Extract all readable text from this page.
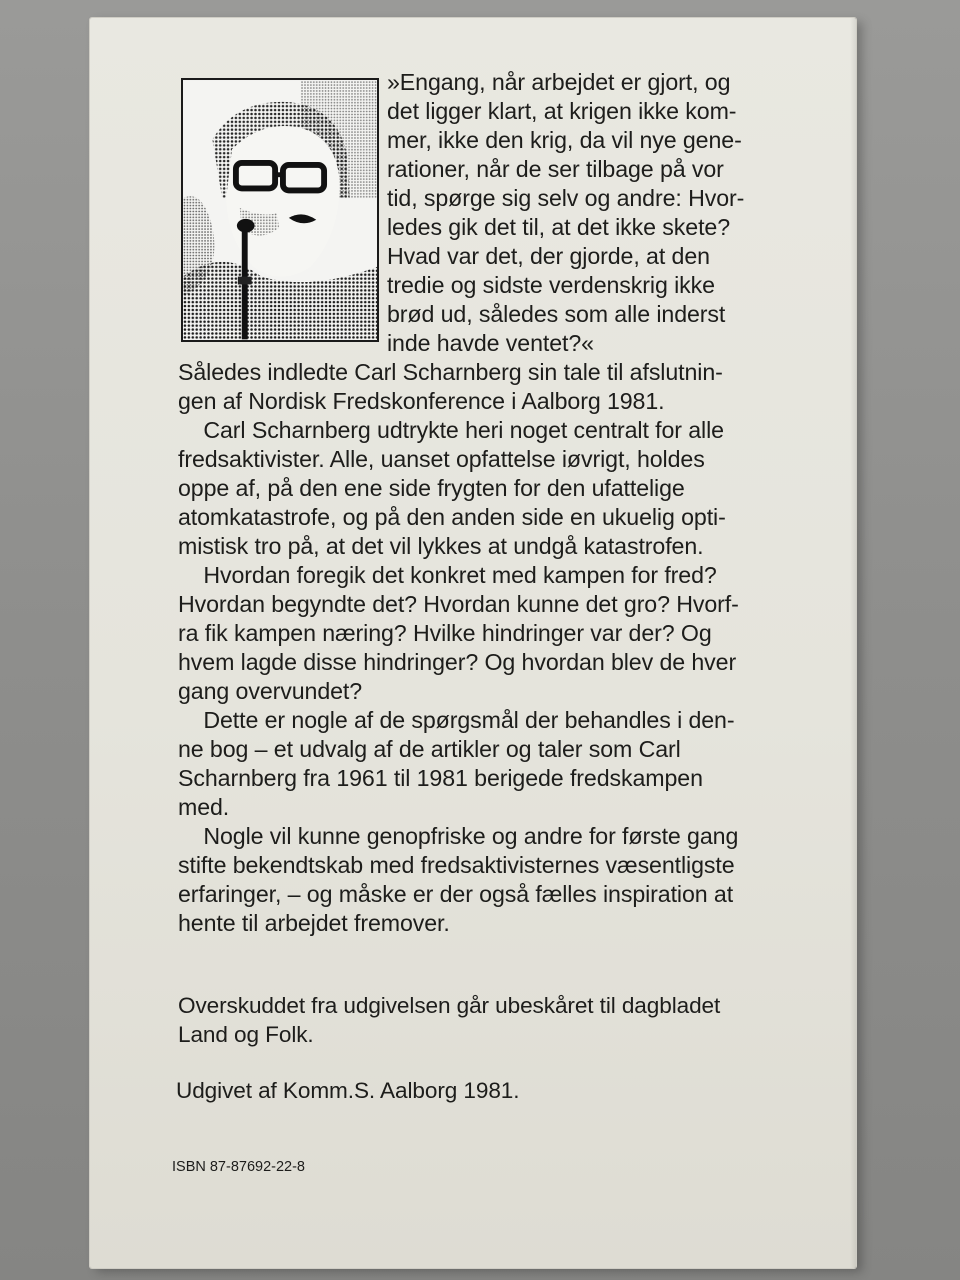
»Engang, når arbejdet er gjort, og
det ligger klart, at krigen ikke kom-
mer, ikke den krig, da vil nye gene-
rationer, når de ser tilbage på vor
tid, spørge sig selv og andre: Hvor-
ledes gik det til, at det ikke skete?
Hvad var det, der gjorde, at den
tredie og sidste verdenskrig ikke
brød ud, således som alle inderst
inde havde ventet?«
Således indledte Carl Scharnberg sin tale til afslutnin-
gen af Nordisk Fredskonference i Aalborg 1981.
Carl Scharnberg udtrykte heri noget centralt for alle
fredsaktivister. Alle, uanset opfattelse iøvrigt, holdes
oppe af, på den ene side frygten for den ufattelige
atomkatastrofe, og på den anden side en ukuelig opti-
mistisk tro på, at det vil lykkes at undgå katastrofen.
Hvordan foregik det konkret med kampen for fred?
Hvordan begyndte det? Hvordan kunne det gro? Hvorf-
ra fik kampen næring? Hvilke hindringer var der? Og
hvem lagde disse hindringer? Og hvordan blev de hver
gang overvundet?
Dette er nogle af de spørgsmål der behandles i den-
ne bog – et udvalg af de artikler og taler som Carl
Scharnberg fra 1961 til 1981 berigede fredskampen
med.
Nogle vil kunne genopfriske og andre for første gang
stifte bekendtskab med fredsaktivisternes væsentligste
erfaringer, – og måske er der også fælles inspiration at
hente til arbejdet fremover.
Overskuddet fra udgivelsen går ubeskåret til dagbladet
Land og Folk.
Udgivet af Komm.S. Aalborg 1981.
ISBN 87-87692-22-8
